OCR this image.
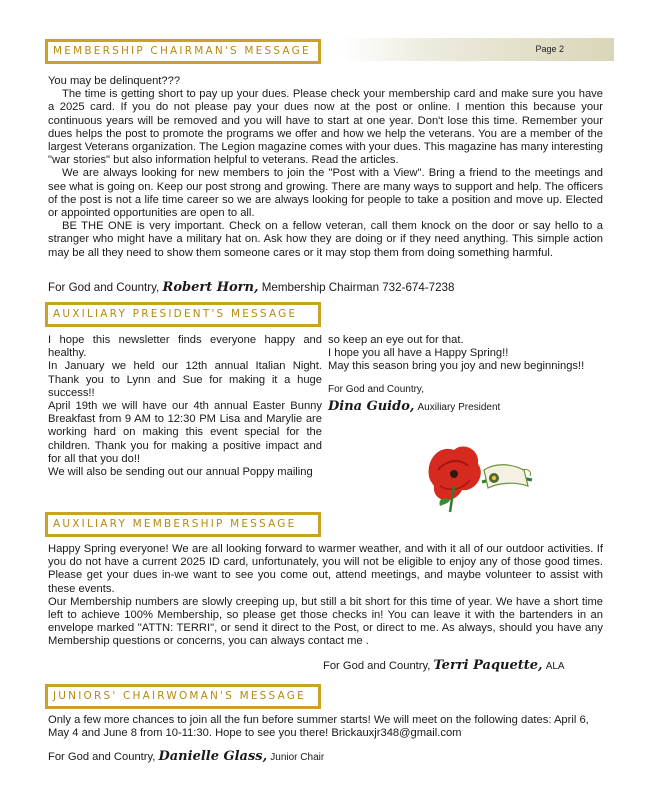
MEMBERSHIP CHAIRMAN'S MESSAGE	Page 2

You may be delinquent???

The time is getting short to pay up your dues. Please check your membership card and make sure you have a 2025 card. If you do not please pay your dues now at the post or online. I mention this because your continuous years will be removed and you will have to start at one year. Don't lose this time. Remember your dues helps the post to promote the programs we offer and how we help the veterans. You are a member of the largest Veterans organization. The Legion magazine comes with your dues. This magazine has many interesting "war stories" but also information helpful to veterans. Read the articles.

We are always looking for new members to join the "Post with a View". Bring a friend to the meetings and see what is going on. Keep our post strong and growing. There are many ways to support and help. The officers of the post is not a life time career so we are always looking for people to take a position and move up. Elected or appointed opportunities are open to all.

BE THE ONE is very important. Check on a fellow veteran, call them knock on the door or say hello to a stranger who might have a military hat on. Ask how they are doing or if they need anything. This simple action may be all they need to show them someone cares or it may stop them from doing something harmful.

For God and Country, Robert Horn, Membership Chairman 732-674-7238
AUXILIARY PRESIDENT'S MESSAGE
I hope this newsletter finds everyone happy and healthy.
In January we held our 12th annual Italian Night. Thank you to Lynn and Sue for making it a huge success!!
April 19th we will have our 4th annual Easter Bunny Breakfast from 9 AM to 12:30 PM Lisa and Marylie are working hard on making this event special for the children. Thank you for making a positive impact and for all that you do!!
We will also be sending out our annual Poppy mailing

so keep an eye out for that.

I hope you all have a Happy Spring!!

May this season bring you joy and new beginnings!!

For God and Country,

Dina Guido, Auxiliary President

AUXILIARY MEMBERSHIP MESSAGE

Happy Spring everyone! We are all looking forward to warmer weather, and with it all of our outdoor activities. If you do not have a current 2025 ID card, unfortunately, you will not be eligible to enjoy any of those good times. Please get your dues in-we want to see you come out, attend meetings, and maybe volunteer to assist with these events.

Our Membership numbers are slowly creeping up, but still a bit short for this time of year. We have a short time left to achieve 100% Membership, so please get those checks in! You can leave it with the bartenders in an envelope marked "ATTN: TERRI", or send it direct to the Post, or direct to me. As always, should you have any Membership questions or concerns, you can always contact me .

For God and Country, Terri Paquette, ALA
JUNIORS' CHAIRWOMAN'S MESSAGE
Only a few more chances to join all the fun before summer starts! We will meet on the following dates: April 6, May 4 and June 8 from 10-11:30. Hope to see you there! Brickauxjr348@gmail.com
For God and Country, Danielle Glass, Junior Chair
